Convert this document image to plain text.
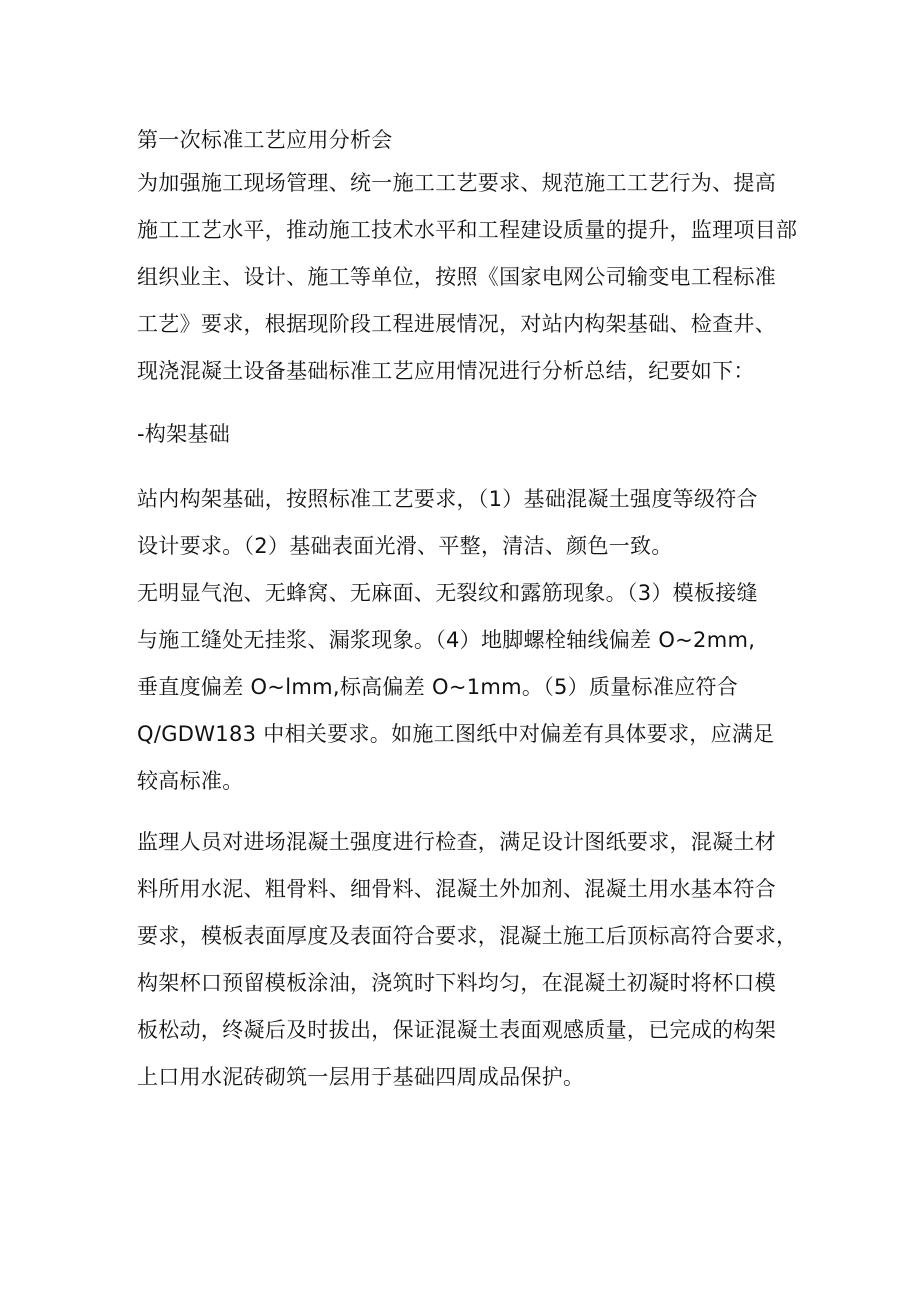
第一次标准工艺应用分析会
为加强施工现场管理、统一施工工艺要求、规范施工工艺行为、提高
施工工艺水平，推动施工技术水平和工程建设质量的提升，监理项目部
组织业主、设计、施工等单位，按照《国家电网公司输变电工程标准
工艺》要求，根据现阶段工程进展情况，对站内构架基础、检查井、
现浇混凝土设备基础标准工艺应用情况进行分析总结，纪要如下：
-构架基础
站内构架基础，按照标准工艺要求，（1）基础混凝土强度等级符合
设计要求。（2）基础表面光滑、平整，清洁、颜色一致。
无明显气泡、无蜂窝、无麻面、无裂纹和露筋现象。（3）模板接缝
与施工缝处无挂浆、漏浆现象。（4）地脚螺栓轴线偏差 O~2mm,
垂直度偏差 O~lmm,标高偏差 O~1mm。（5）质量标准应符合
Q/GDW183 中相关要求。如施工图纸中对偏差有具体要求，应满足
较高标准。
监理人员对进场混凝土强度进行检查，满足设计图纸要求，混凝土材
料所用水泥、粗骨料、细骨料、混凝土外加剂、混凝土用水基本符合
要求，模板表面厚度及表面符合要求，混凝土施工后顶标高符合要求，
构架杯口预留模板涂油，浇筑时下料均匀，在混凝土初凝时将杯口模
板松动，终凝后及时拔出，保证混凝土表面观感质量，已完成的构架
上口用水泥砖砌筑一层用于基础四周成品保护。
